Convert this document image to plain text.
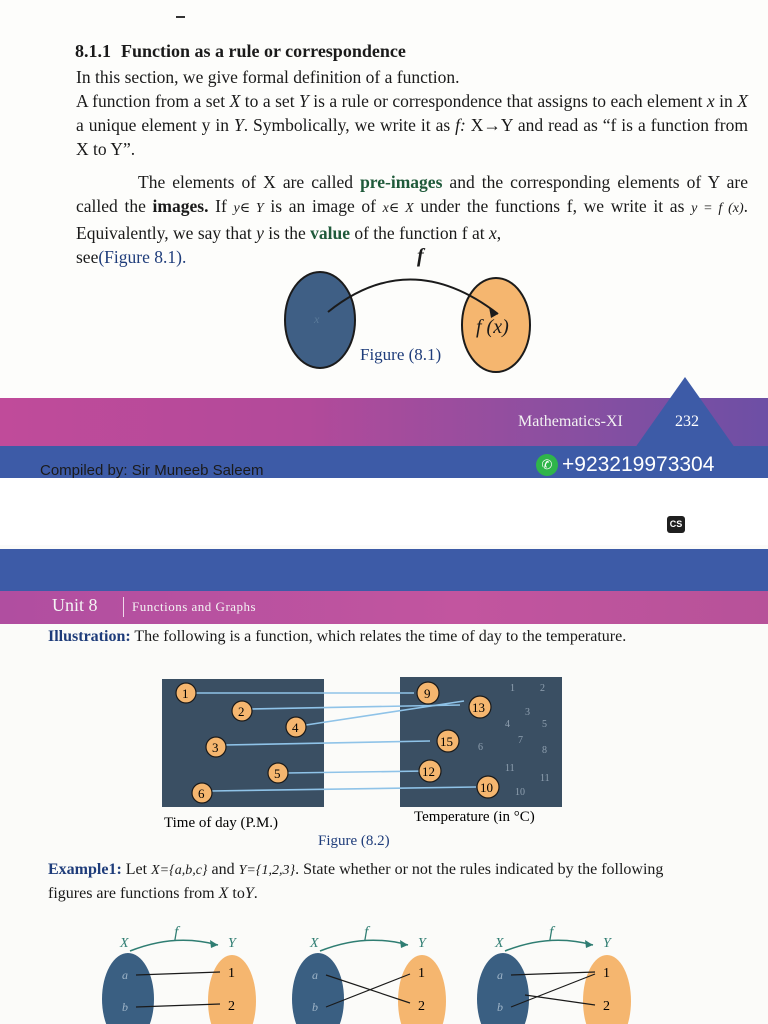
8.1.1 Function as a rule or correspondence
In this section, we give formal definition of a function.
A function from a set X to a set Y is a rule or correspondence that assigns to each element x in X a unique element y in Y. Symbolically, we write it as f: X→Y and read as “f is a function from X to Y”.
The elements of X are called pre-images and the corresponding elements of Y are called the images. If y∈ Y is an image of x∈ X under the functions f, we write it as y = f (x). Equivalently, we say that y is the value of the function f at x,
see(Figure 8.1).	f
x	f (x)
Figure (8.1)
Mathematics-XI	232
Compiled by: Sir Muneeb Saleem	✆ +923219973304
CS
Unit 8	Functions and Graphs
Illustration: The following is a function, which relates the time of day to the temperature.
1	2
3
4	5
6
7
8
11
10
11
1
2
4
3
5
6
9
13
15
12
10
Time of day (P.M.)	Temperature (in °C)
Figure (8.2)
Example1: Let X={a,b,c} and Y={1,2,3}. State whether or not the rules indicated by the following figures are functions from X toY.
X	Y
f
a
b
1
2
X	Y
f
a
b
1
2
X	Y
f
a
b
1
2
